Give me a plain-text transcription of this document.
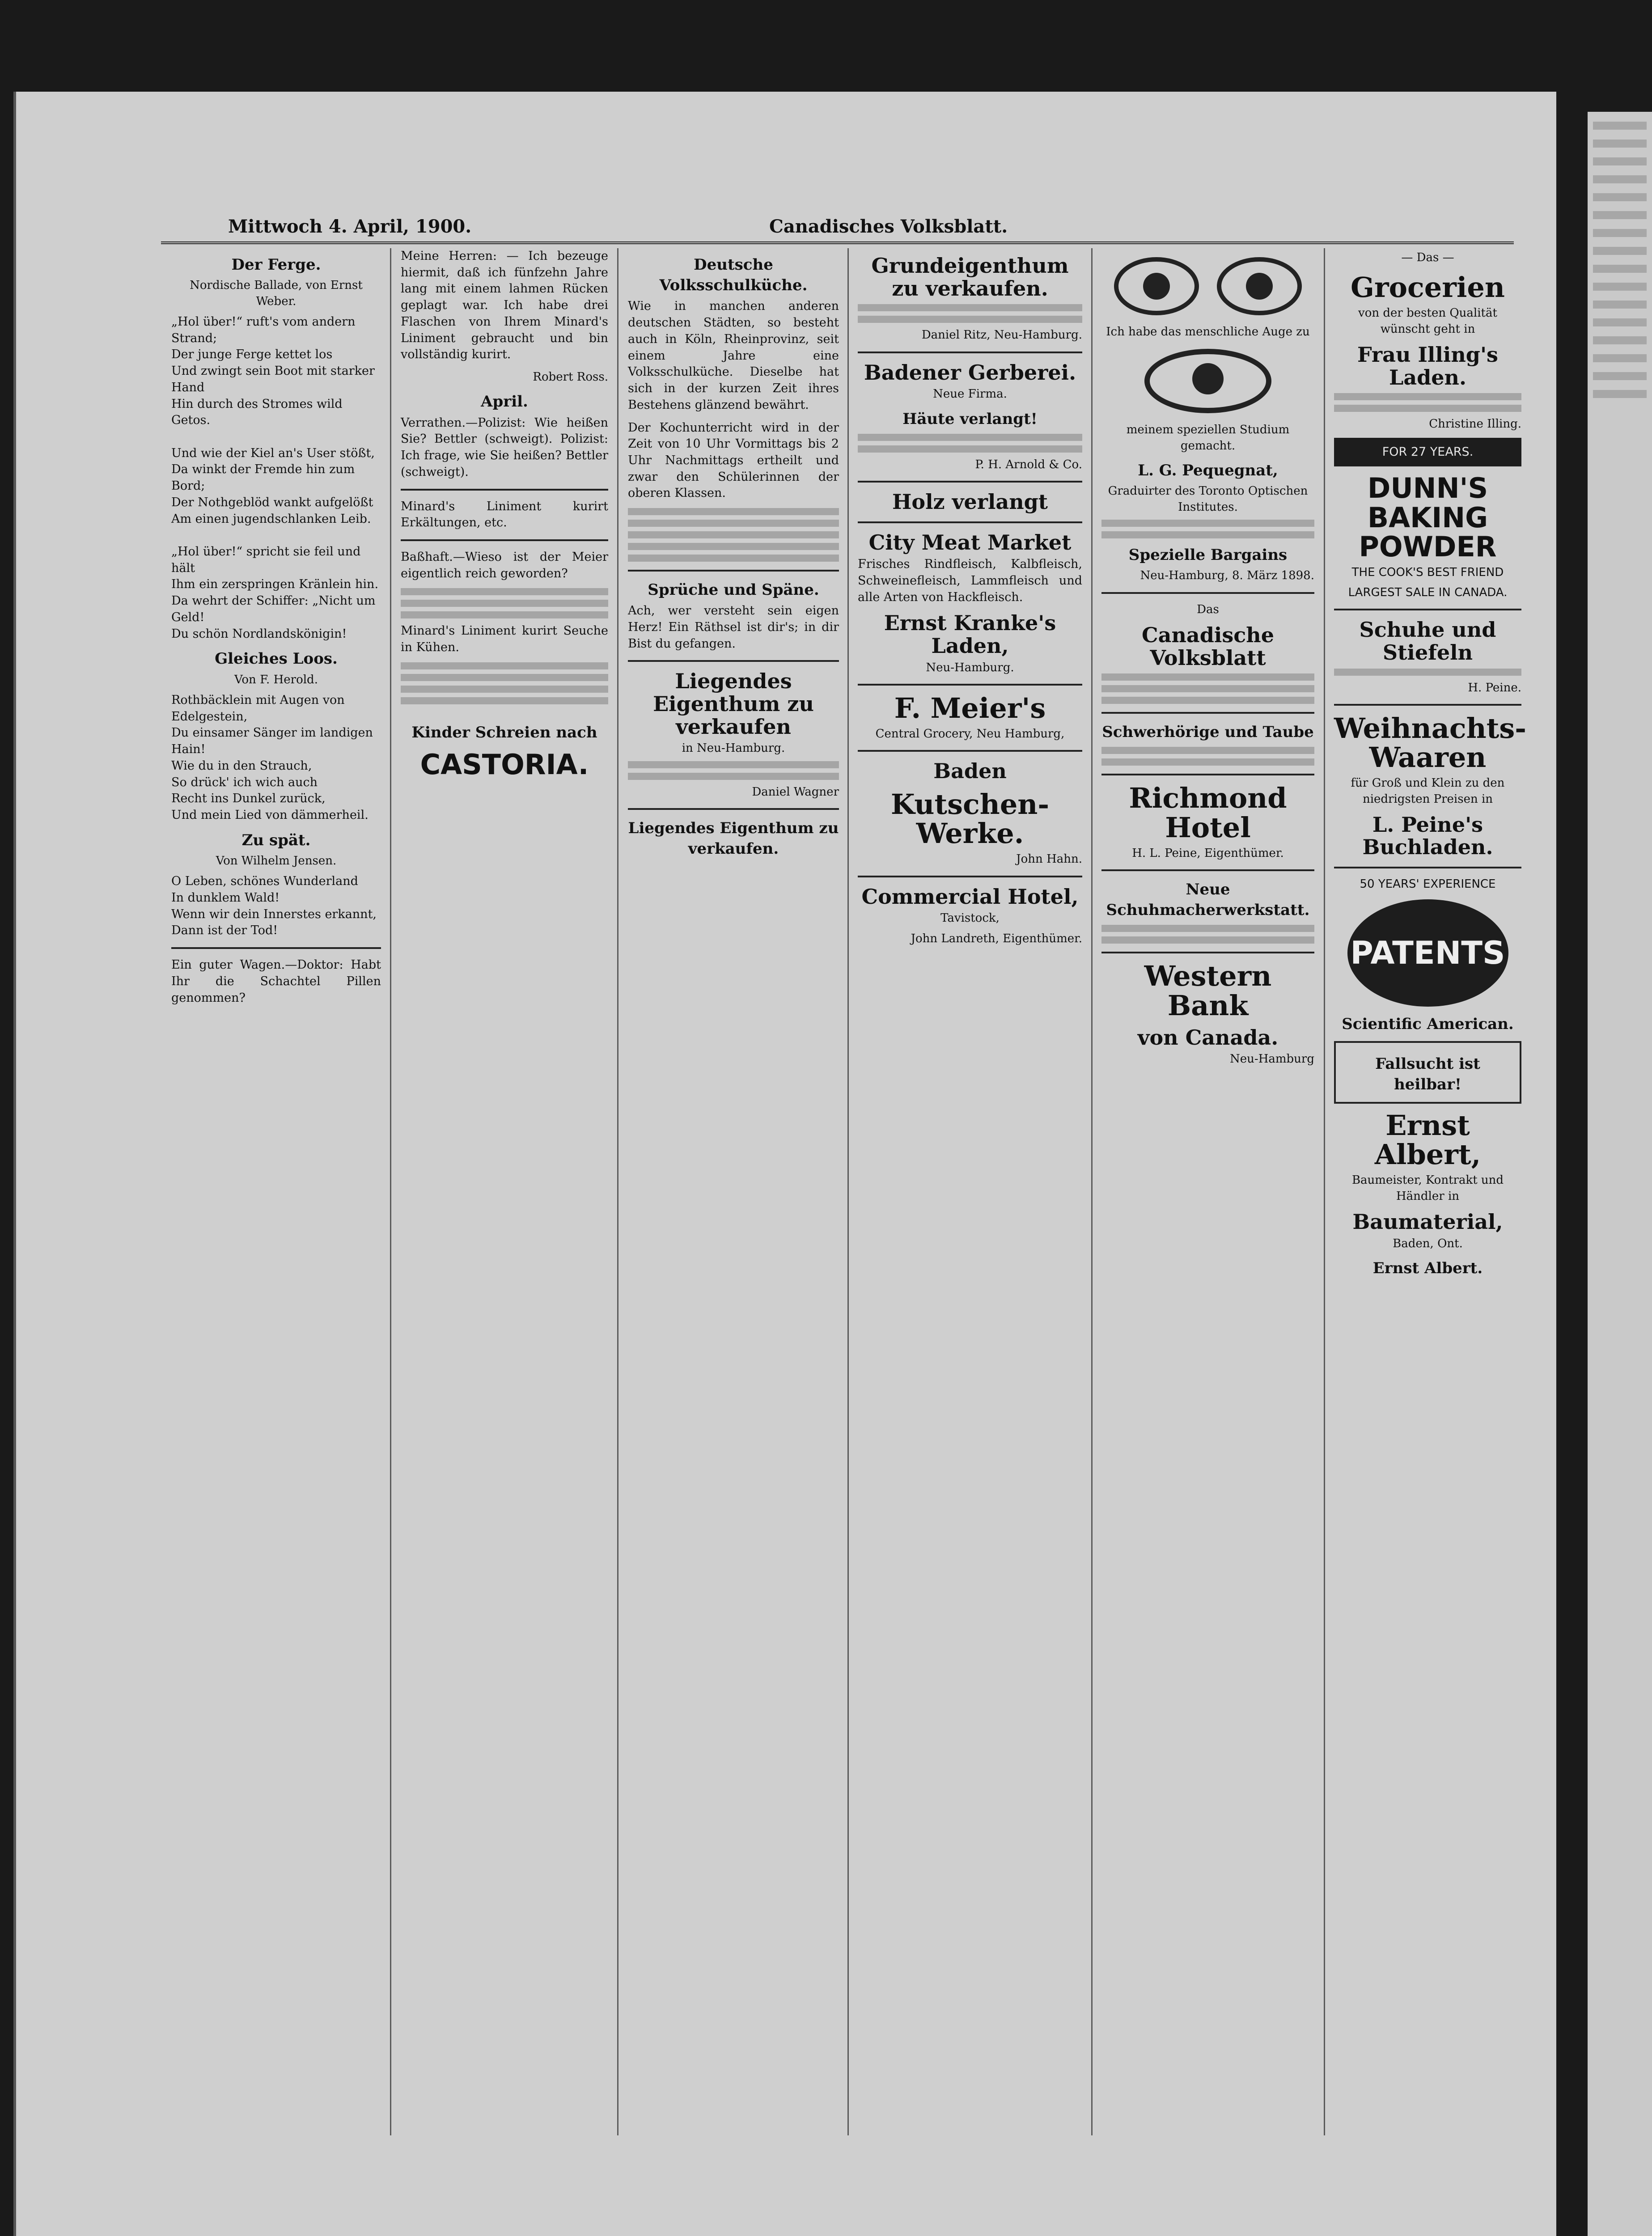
Mittwoch 4. April, 1900.	Canadisches Volksblatt.
Der Ferge.
Nordische Ballade, von Ernst Weber.
„Hol über!“ ruft's vom andern Strand;
Der junge Ferge kettet los
Und zwingt sein Boot mit starker Hand
Hin durch des Stromes wild Getos.

Und wie der Kiel an's User stößt,
Da winkt der Fremde hin zum Bord;
Der Nothgeblöd wankt aufgelößt
Am einen jugendschlanken Leib.

„Hol über!“ spricht sie feil und hält
Ihm ein zerspringen Kränlein hin.
Da wehrt der Schiffer: „Nicht um Geld!
Du schön Nordlandskönigin!
Gleiches Loos.
Von F. Herold.
Rothbäcklein mit Augen von Edelgestein,
Du einsamer Sänger im landigen Hain!
Wie du in den Strauch,
So drück' ich wich auch
Recht ins Dunkel zurück,
Und mein Lied von dämmerheil.
Zu spät.
Von Wilhelm Jensen.
O Leben, schönes Wunderland
In dunklem Wald!
Wenn wir dein Innerstes erkannt,
Dann ist der Tod!
Ein guter Wagen.—Doktor: Habt Ihr die Schachtel Pillen genommen?
Meine Herren: — Ich bezeuge hiermit, daß ich fünfzehn Jahre lang mit einem lahmen Rücken geplagt war. Ich habe drei Flaschen von Ihrem Minard's Liniment gebraucht und bin vollständig kurirt.
Robert Ross.
April.
Verrathen.—Polizist: Wie heißen Sie? Bettler (schweigt). Polizist: Ich frage, wie Sie heißen? Bettler (schweigt).
Minard's Liniment kurirt Erkältungen, etc.
Baßhaft.—Wieso ist der Meier eigentlich reich geworden?
Minard's Liniment kurirt Seuche in Kühen.
Kinder Schreien nach
CASTORIA.
Deutsche Volksschulküche.
Wie in manchen anderen deutschen Städten, so besteht auch in Köln, Rheinprovinz, seit einem Jahre eine Volksschulküche. Dieselbe hat sich in der kurzen Zeit ihres Bestehens glänzend bewährt.
Der Kochunterricht wird in der Zeit von 10 Uhr Vormittags bis 2 Uhr Nachmittags ertheilt und zwar den Schülerinnen der oberen Klassen.
Sprüche und Späne.
Ach, wer versteht sein eigen Herz! Ein Räthsel ist dir's; in dir Bist du gefangen.
Liegendes Eigenthum zu verkaufen
in Neu-Hamburg.
Daniel Wagner
Liegendes Eigenthum zu verkaufen.
Grundeigenthum zu verkaufen.
Daniel Ritz, Neu-Hamburg.
Badener Gerberei.
Neue Firma.
Häute verlangt!
P. H. Arnold & Co.
Holz verlangt
City Meat Market
Frisches Rindfleisch, Kalbfleisch, Schweinefleisch, Lammfleisch und alle Arten von Hackfleisch.
Ernst Kranke's Laden,
Neu-Hamburg.
F. Meier's
Central Grocery, Neu Hamburg,
Baden
Kutschen-Werke.
John Hahn.
Commercial Hotel,
Tavistock,
John Landreth, Eigenthümer.
Ich habe das menschliche Auge zu
meinem speziellen Studium gemacht.
L. G. Pequegnat,
Graduirter des Toronto Optischen Institutes.
Spezielle Bargains
Neu-Hamburg, 8. März 1898.
Das
Canadische Volksblatt
Schwerhörige und Taube
Richmond Hotel
H. L. Peine, Eigenthümer.
Neue Schuhmacherwerkstatt.
Western Bank
von Canada.
Neu-Hamburg
— Das —
Grocerien
von der besten Qualität wünscht geht in
Frau Illing's Laden.
Christine Illing.
FOR 27 YEARS.
DUNN'S BAKING POWDER
THE COOK'S BEST FRIEND
LARGEST SALE IN CANADA.
Schuhe und Stiefeln
H. Peine.
Weihnachts-Waaren
für Groß und Klein zu den niedrigsten Preisen in
L. Peine's Buchladen.
50 YEARS' EXPERIENCE
PATENTS
Scientific American.
Fallsucht ist heilbar!
Ernst Albert,
Baumeister, Kontrakt und Händler in
Baumaterial,
Baden, Ont.
Ernst Albert.
